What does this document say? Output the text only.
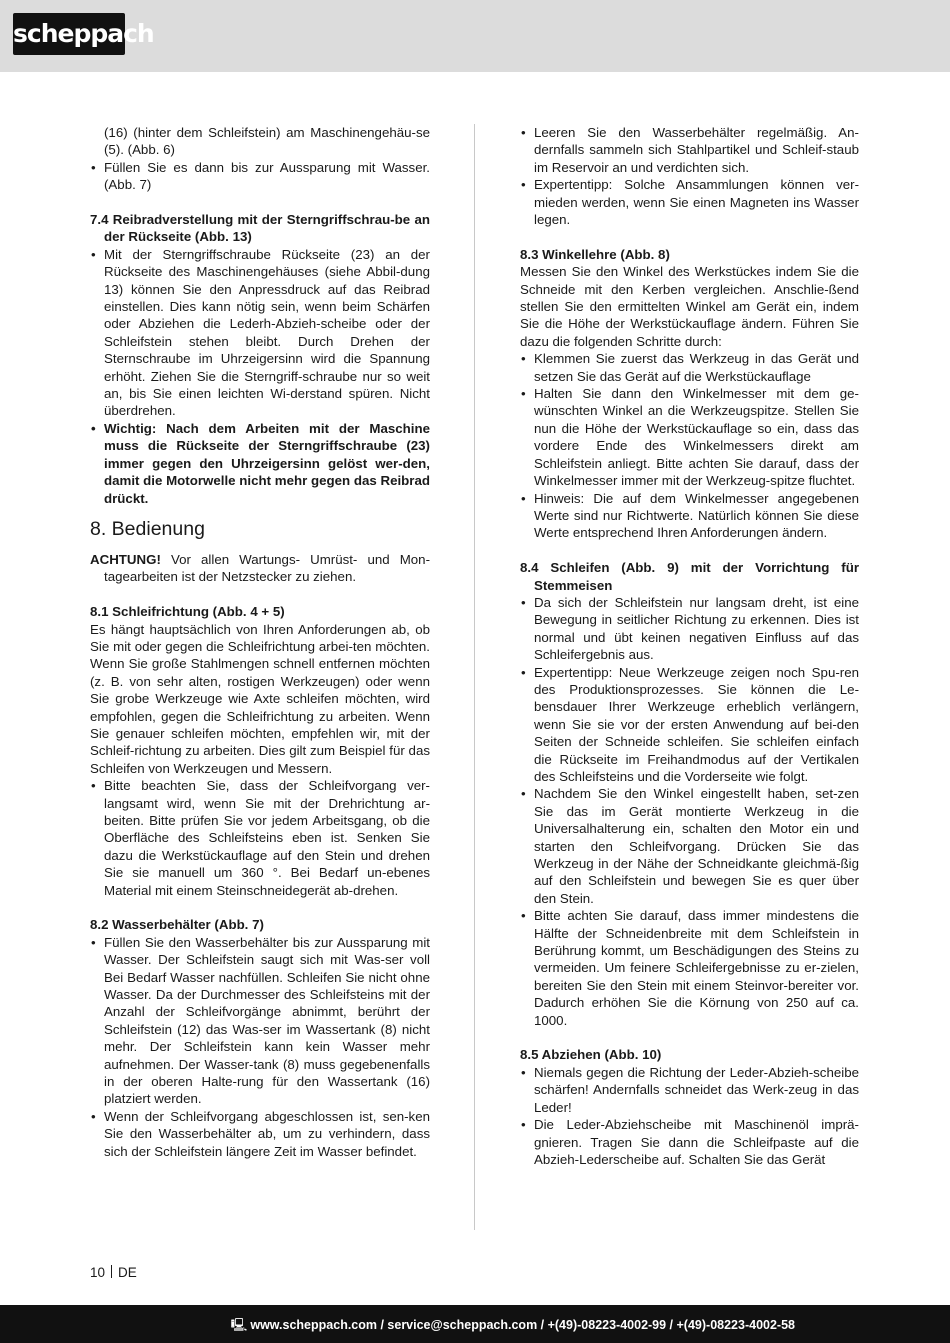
scheppach

(16) (hinter dem Schleifstein) am Maschinengehäu-se (5). (Abb. 6)

• Füllen Sie es dann bis zur Aussparung mit Wasser. (Abb. 7)

7.4 Reibradverstellung mit der Sterngriffschrau-be an der Rückseite (Abb. 13)

• Mit der Sterngriffschraube Rückseite (23) an der Rückseite des Maschinengehäuses (siehe Abbil-dung 13) können Sie den Anpressdruck auf das Reibrad einstellen. Dies kann nötig sein, wenn beim Schärfen oder Abziehen die Lederh-Abzieh-scheibe oder der Schleifstein stehen bleibt. Durch Drehen der Sternschraube im Uhrzeigersinn wird die Spannung erhöht. Ziehen Sie die Sterngriff-schraube nur so weit an, bis Sie einen leichten Wi-derstand spüren. Nicht überdrehen.

• Wichtig: Nach dem Arbeiten mit der Maschine muss die Rückseite der Sterngriffschraube (23) immer gegen den Uhrzeigersinn gelöst wer-den, damit die Motorwelle nicht mehr gegen das Reibrad drückt.

8. Bedienung

ACHTUNG! Vor allen Wartungs- Umrüst- und Mon-tagearbeiten ist der Netzstecker zu ziehen.

8.1 Schleifrichtung (Abb. 4 + 5)

Es hängt hauptsächlich von Ihren Anforderungen ab, ob Sie mit oder gegen die Schleifrichtung arbei-ten möchten. Wenn Sie große Stahlmengen schnell entfernen möchten (z. B. von sehr alten, rostigen Werkzeugen) oder wenn Sie grobe Werkzeuge wie Axte schleifen möchten, wird empfohlen, gegen die Schleifrichtung zu arbeiten. Wenn Sie genauer schleifen möchten, empfehlen wir, mit der Schleif-richtung zu arbeiten. Dies gilt zum Beispiel für das Schleifen von Werkzeugen und Messern.

• Bitte beachten Sie, dass der Schleifvorgang ver-langsamt wird, wenn Sie mit der Drehrichtung ar-beiten. Bitte prüfen Sie vor jedem Arbeitsgang, ob die Oberfläche des Schleifsteins eben ist. Senken Sie dazu die Werkstückauflage auf den Stein und drehen Sie sie manuell um 360 °. Bei Bedarf un-ebenes Material mit einem Steinschneidegerät ab-drehen.

8.2 Wasserbehälter (Abb. 7)

• Füllen Sie den Wasserbehälter bis zur Aussparung mit Wasser. Der Schleifstein saugt sich mit Was-ser voll Bei Bedarf Wasser nachfüllen. Schleifen Sie nicht ohne Wasser. Da der Durchmesser des Schleifsteins mit der Anzahl der Schleifvorgänge abnimmt, berührt der Schleifstein (12) das Was-ser im Wassertank (8) nicht mehr. Der Schleifstein kann kein Wasser mehr aufnehmen. Der Wasser-tank (8) muss gegebenenfalls in der oberen Halte-rung für den Wassertank (16) platziert werden.

• Wenn der Schleifvorgang abgeschlossen ist, sen-ken Sie den Wasserbehälter ab, um zu verhindern, dass sich der Schleifstein längere Zeit im Wasser befindet.

• Leeren Sie den Wasserbehälter regelmäßig. An-dernfalls sammeln sich Stahlpartikel und Schleif-staub im Reservoir an und verdichten sich.

• Expertentipp: Solche Ansammlungen können ver-mieden werden, wenn Sie einen Magneten ins Wasser legen.

8.3 Winkellehre (Abb. 8)

Messen Sie den Winkel des Werkstückes indem Sie die Schneide mit den Kerben vergleichen. Anschlie-ßend stellen Sie den ermittelten Winkel am Gerät ein, indem Sie die Höhe der Werkstückauflage ändern. Führen Sie dazu die folgenden Schritte durch:

• Klemmen Sie zuerst das Werkzeug in das Gerät und setzen Sie das Gerät auf die Werkstückauflage

• Halten Sie dann den Winkelmesser mit dem ge-wünschten Winkel an die Werkzeugspitze. Stellen Sie nun die Höhe der Werkstückauflage so ein, dass das vordere Ende des Winkelmessers direkt am Schleifstein anliegt. Bitte achten Sie darauf, dass der Winkelmesser immer mit der Werkzeug-spitze fluchtet.

• Hinweis: Die auf dem Winkelmesser angegebenen Werte sind nur Richtwerte. Natürlich können Sie diese Werte entsprechend Ihren Anforderungen ändern.

8.4 Schleifen (Abb. 9) mit der Vorrichtung für Stemmeisen

• Da sich der Schleifstein nur langsam dreht, ist eine Bewegung in seitlicher Richtung zu erkennen. Dies ist normal und übt keinen negativen Einfluss auf das Schleifergebnis aus.

• Expertentipp: Neue Werkzeuge zeigen noch Spu-ren des Produktionsprozesses. Sie können die Le-bensdauer Ihrer Werkzeuge erheblich verlängern, wenn Sie sie vor der ersten Anwendung auf bei-den Seiten der Schneide schleifen. Sie schleifen einfach die Rückseite im Freihandmodus auf der Vertikalen des Schleifsteins und die Vorderseite wie folgt.

• Nachdem Sie den Winkel eingestellt haben, set-zen Sie das im Gerät montierte Werkzeug in die Universalhalterung ein, schalten den Motor ein und starten den Schleifvorgang. Drücken Sie das Werkzeug in der Nähe der Schneidkante gleichmä-ßig auf den Schleifstein und bewegen Sie es quer über den Stein.

• Bitte achten Sie darauf, dass immer mindestens die Hälfte der Schneidenbreite mit dem Schleifstein in Berührung kommt, um Beschädigungen des Steins zu vermeiden. Um feinere Schleifergebnisse zu er-zielen, bereiten Sie den Stein mit einem Steinvor-bereiter vor. Dadurch erhöhen Sie die Körnung von 250 auf ca. 1000.

8.5 Abziehen (Abb. 10)

• Niemals gegen die Richtung der Leder-Abzieh-scheibe schärfen! Andernfalls schneidet das Werk-zeug in das Leder!

• Die Leder-Abziehscheibe mit Maschinenöl imprä-gnieren. Tragen Sie dann die Schleifpaste auf die Abzieh-Lederscheibe auf. Schalten Sie das Gerät

10 DE
🖳 www.scheppach.com / service@scheppach.com / +(49)-08223-4002-99 / +(49)-08223-4002-58
